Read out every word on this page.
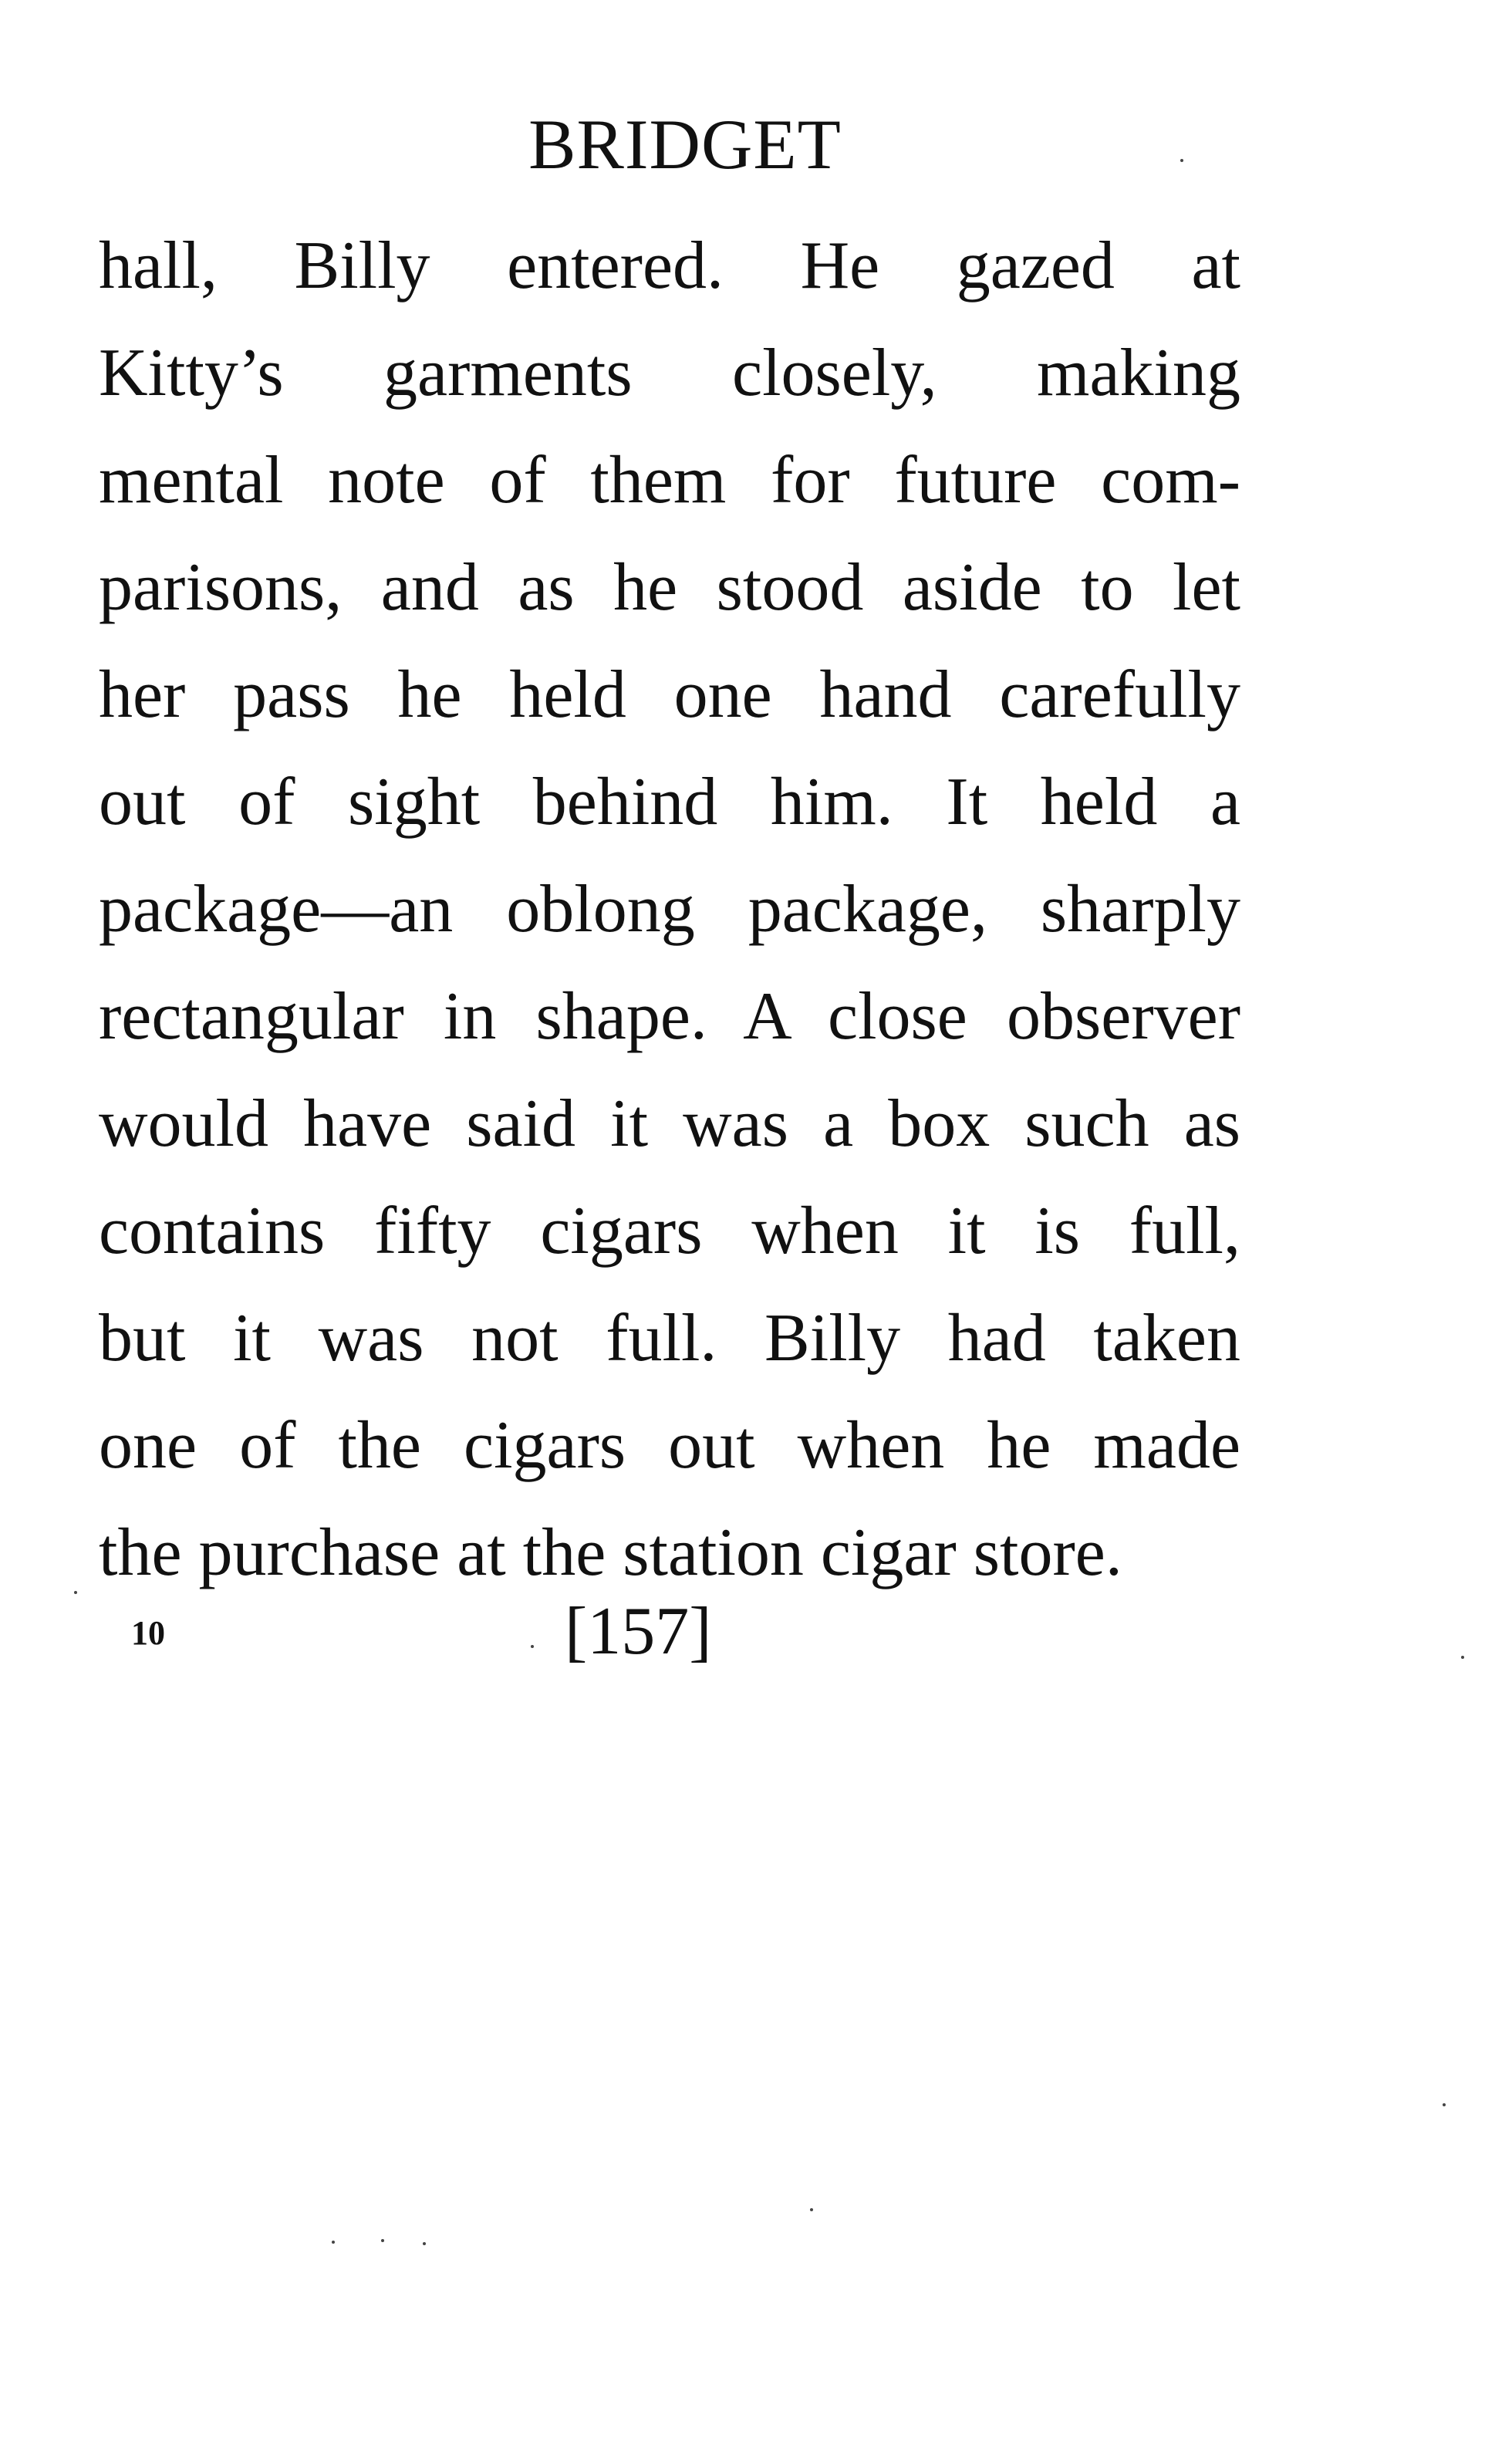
BRIDGET
hall, Billy entered. He gazed at
Kitty’s garments closely, making
mental note of them for future com-
parisons, and as he stood aside to let
her pass he held one hand carefully
out of sight behind him. It held a
package—an oblong package, sharply
rectangular in shape. A close observer
would have said it was a box such as
contains fifty cigars when it is full,
but it was not full. Billy had taken
one of the cigars out when he made
the purchase at the station cigar store.
10	[157]
